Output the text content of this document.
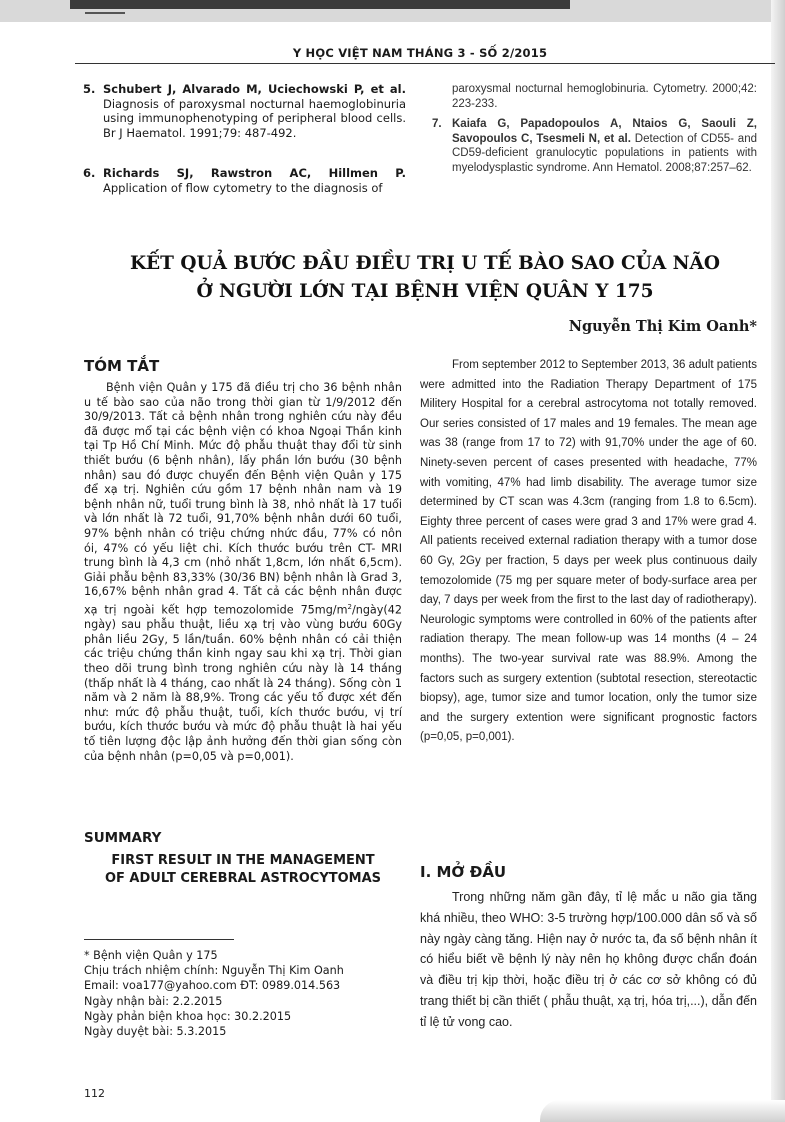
Y HỌC VIỆT NAM THÁNG 3 - SỐ 2/2015
5. Schubert J, Alvarado M, Uciechowski P, et al. Diagnosis of paroxysmal nocturnal haemoglobinuria using immunophenotyping of peripheral blood cells. Br J Haematol. 1991;79: 487-492.
6. Richards SJ, Rawstron AC, Hillmen P. Application of flow cytometry to the diagnosis of
paroxysmal nocturnal hemoglobinuria. Cytometry. 2000;42: 223-233.
7. Kaiafa G, Papadopoulos A, Ntaios G, Saouli Z, Savopoulos C, Tsesmeli N, et al. Detection of CD55- and CD59-deficient granulocytic populations in patients with myelodysplastic syndrome. Ann Hematol. 2008;87:257–62.
KẾT QUẢ BƯỚC ĐẦU ĐIỀU TRỊ U TẾ BÀO SAO CỦA NÃO
Ở NGƯỜI LỚN TẠI BỆNH VIỆN QUÂN Y 175
Nguyễn Thị Kim Oanh*
TÓM TẮT
Bệnh viện Quân y 175 đã điều trị cho 36 bệnh nhân u tế bào sao của não trong thời gian từ 1/9/2012 đến 30/9/2013. Tất cả bệnh nhân trong nghiên cứu này đều đã được mổ tại các bệnh viện có khoa Ngoại Thần kinh tại Tp Hồ Chí Minh. Mức độ phẫu thuật thay đổi từ sinh thiết bướu (6 bệnh nhân), lấy phần lớn bướu (30 bệnh nhân) sau đó được chuyển đến Bệnh viện Quân y 175 để xạ trị. Nghiên cứu gồm 17 bệnh nhân nam và 19 bệnh nhân nữ, tuổi trung bình là 38, nhỏ nhất là 17 tuổi và lớn nhất là 72 tuổi, 91,70% bệnh nhân dưới 60 tuổi, 97% bệnh nhân có triệu chứng nhức đầu, 77% có nôn ói, 47% có yếu liệt chi. Kích thước bướu trên CT- MRI trung bình là 4,3 cm (nhỏ nhất 1,8cm, lớn nhất 6,5cm). Giải phẫu bệnh 83,33% (30/36 BN) bệnh nhân là Grad 3, 16,67% bệnh nhân grad 4. Tất cả các bệnh nhân được xạ trị ngoài kết hợp temozolomide $75mg/m^2/ngày(42$ ngày) sau phẫu thuật, liều xạ trị vào vùng bướu 60Gy phân liều 2Gy, 5 lần/tuần. 60% bệnh nhân có cải thiện các triệu chứng thần kinh ngay sau khi xạ trị. Thời gian theo dõi trung bình trong nghiên cứu này là 14 tháng (thấp nhất là 4 tháng, cao nhất là 24 tháng). Sống còn 1 năm và 2 năm là 88,9%. Trong các yếu tố được xét đến như: mức độ phẫu thuật, tuổi, kích thước bướu, vị trí bướu, kích thước bướu và mức độ phẫu thuật là hai yếu tố tiên lượng độc lập ảnh hưởng đến thời gian sống còn của bệnh nhân (p=0,05 và p=0,001).
SUMMARY
FIRST RESULT IN THE MANAGEMENT
OF ADULT CEREBRAL ASTROCYTOMAS
* Bệnh viện Quân y 175
Chịu trách nhiệm chính: Nguyễn Thị Kim Oanh
Email: voa177@yahoo.com ĐT: 0989.014.563
Ngày nhận bài: 2.2.2015
Ngày phản biện khoa học: 30.2.2015
Ngày duyệt bài: 5.3.2015
From september 2012 to September 2013, 36 adult patients were admitted into the Radiation Therapy Department of 175 Militery Hospital for a cerebral astrocytoma not totally removed. Our series consisted of 17 males and 19 females. The mean age was 38 (range from 17 to 72) with 91,70% under the age of 60. Ninety-seven percent of cases presented with headache, 77% with vomiting, 47% had limb disability. The average tumor size determined by CT scan was 4.3cm (ranging from 1.8 to 6.5cm). Eighty three percent of cases were grad 3 and 17% were grad 4. All patients received external radiation therapy with a tumor dose 60 Gy, 2Gy per fraction, 5 days per week plus continuous daily temozolomide (75 mg per square meter of body-surface area per day, 7 days per week from the first to the last day of radiotherapy). Neurologic symptoms were controlled in 60% of the patients after radiation therapy. The mean follow-up was 14 months (4 – 24 months). The two-year survival rate was 88.9%. Among the factors such as surgery extention (subtotal resection, stereotactic biopsy), age, tumor size and tumor location, only the tumor size and the surgery extention were significant prognostic factors (p=0,05, p=0,001).
I. MỞ ĐẦU
Trong những năm gần đây, tỉ lệ mắc u não gia tăng khá nhiều, theo WHO: 3-5 trường hợp/100.000 dân số và số này ngày càng tăng. Hiện nay ở nước ta, đa số bệnh nhân ít có hiểu biết về bệnh lý này nên họ không được chẩn đoán và điều trị kịp thời, hoặc điều trị ở các cơ sở không có đủ trang thiết bị cần thiết ( phẫu thuật, xạ trị, hóa trị,...), dẫn đến tỉ lệ tử vong cao.
112
